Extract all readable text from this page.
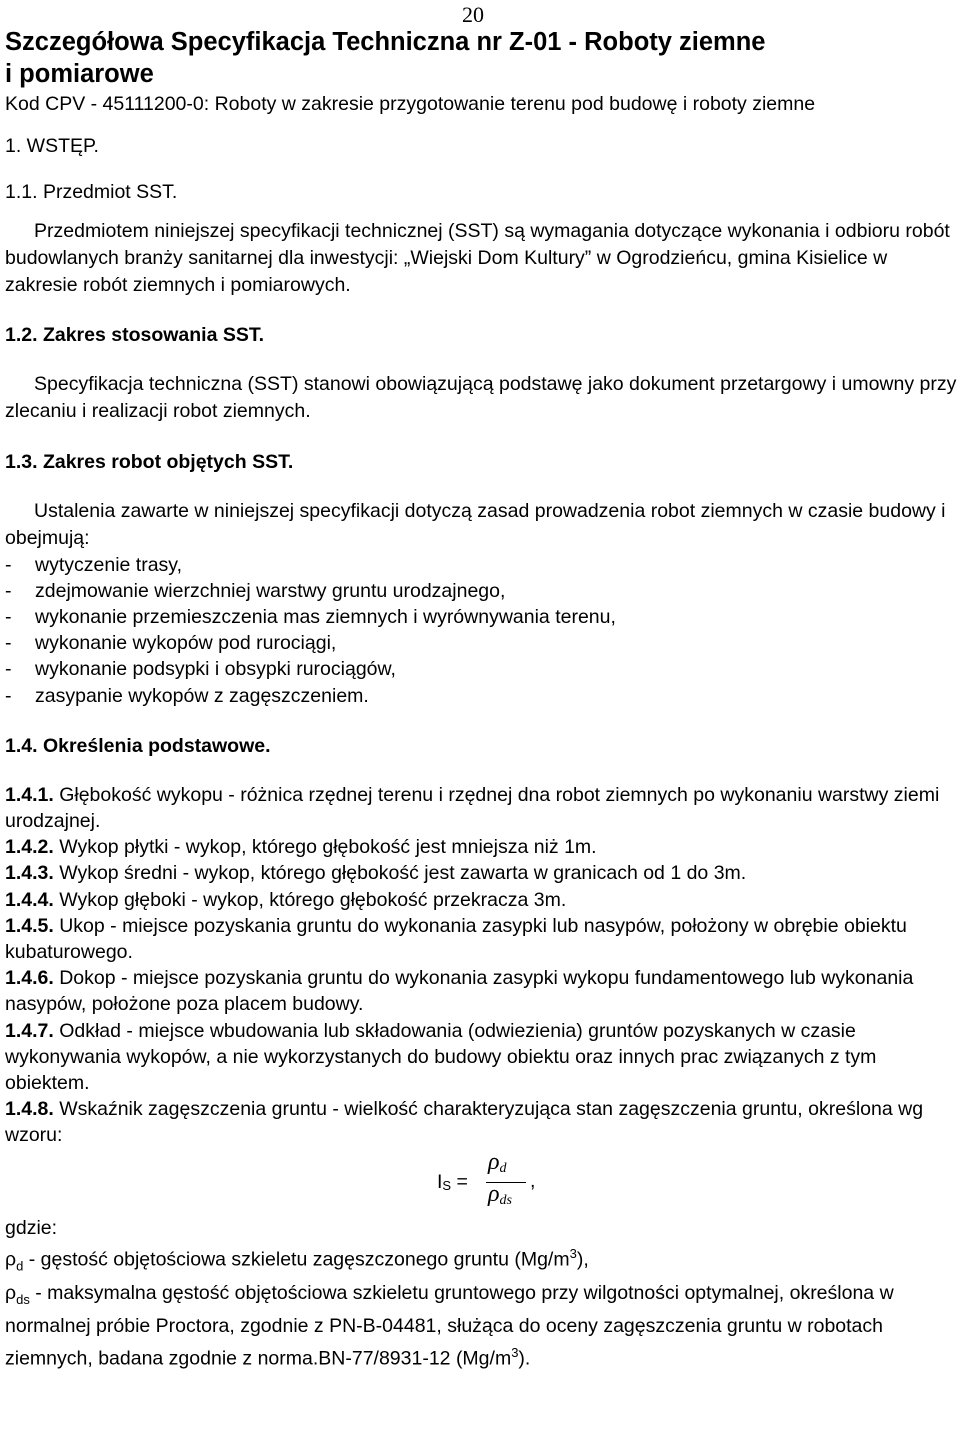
20
Szczegółowa Specyfikacja Techniczna nr Z-01 - Roboty ziemne
i pomiarowe
Kod CPV - 45111200-0: Roboty w zakresie przygotowanie terenu pod budowę i roboty ziemne
1. WSTĘP.
1.1. Przedmiot SST.
Przedmiotem niniejszej specyfikacji technicznej (SST) są wymagania dotyczące wykonania i odbioru robót budowlanych branży sanitarnej dla inwestycji: „Wiejski Dom Kultury” w Ogrodzieńcu, gmina Kisielice w zakresie robót ziemnych i pomiarowych.
1.2. Zakres stosowania SST.
Specyfikacja techniczna (SST) stanowi obowiązującą podstawę jako dokument przetargowy i umowny przy zlecaniu i realizacji robot ziemnych.
1.3. Zakres robot objętych SST.
Ustalenia zawarte w niniejszej specyfikacji dotyczą zasad prowadzenia robot ziemnych w czasie budowy i obejmują:
- wytyczenie trasy,
- zdejmowanie wierzchniej warstwy gruntu urodzajnego,
- wykonanie przemieszczenia mas ziemnych i wyrównywania terenu,
- wykonanie wykopów pod rurociągi,
- wykonanie podsypki i obsypki rurociągów,
- zasypanie wykopów z zagęszczeniem.
1.4. Określenia podstawowe.
1.4.1. Głębokość wykopu - różnica rzędnej terenu i rzędnej dna robot ziemnych po wykonaniu warstwy ziemi urodzajnej.
1.4.2. Wykop płytki - wykop, którego głębokość jest mniejsza niż 1m.
1.4.3. Wykop średni - wykop, którego głębokość jest zawarta w granicach od 1 do 3m.
1.4.4. Wykop głęboki - wykop, którego głębokość przekracza 3m.
1.4.5. Ukop - miejsce pozyskania gruntu do wykonania zasypki lub nasypów, położony w obrębie obiektu kubaturowego.
1.4.6. Dokop - miejsce pozyskania gruntu do wykonania zasypki wykopu fundamentowego lub wykonania nasypów, położone poza placem budowy.
1.4.7. Odkład - miejsce wbudowania lub składowania (odwiezienia) gruntów pozyskanych w czasie wykonywania wykopów, a nie wykorzystanych do budowy obiektu oraz innych prac związanych z tym obiektem.
1.4.8. Wskaźnik zagęszczenia gruntu - wielkość charakteryzująca stan zagęszczenia gruntu, określona wg wzoru:
$I_S$ =
$\rho_d$
$\rho_{ds}$
,
gdzie:
$\rho_d$ - gęstość objętościowa szkieletu zagęszczonego gruntu $(Mg/m^3)$,
$\rho_{ds}$ - maksymalna gęstość objętościowa szkieletu gruntowego przy wilgotności optymalnej, określona w normalnej próbie Proctora, zgodnie z PN-B-04481, służąca do oceny zagęszczenia gruntu w robotach ziemnych, badana zgodnie z norma.BN-77/8931-12 $(Mg/m^3)$.
